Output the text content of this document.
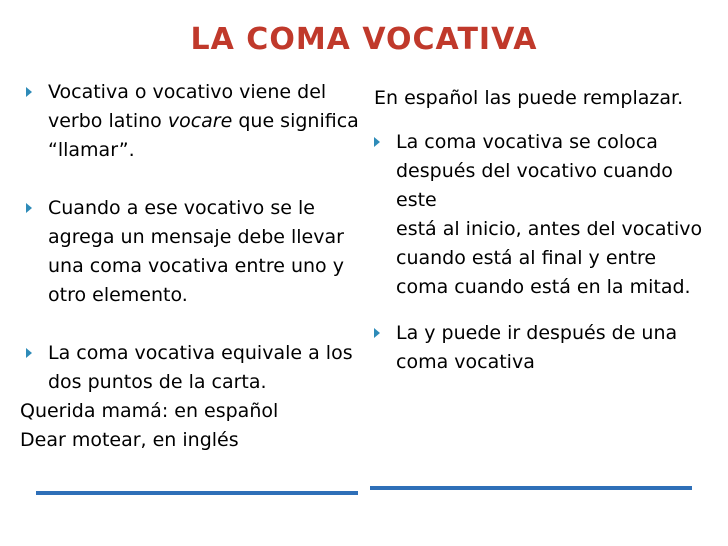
LA COMA VOCATIVA
Vocativa o vocativo viene del verbo latino vocare que significa “llamar”.
Cuando a ese vocativo se le agrega un mensaje debe llevar una coma vocativa entre uno y otro elemento.
La coma vocativa equivale a los dos puntos de la carta.
Querida mamá: en español
Dear motear, en inglés
En español las puede remplazar.
La coma vocativa se coloca después del vocativo cuando este
está al inicio, antes del vocativo cuando está al final y entre coma cuando está en la mitad.
La y puede ir después de una coma vocativa
